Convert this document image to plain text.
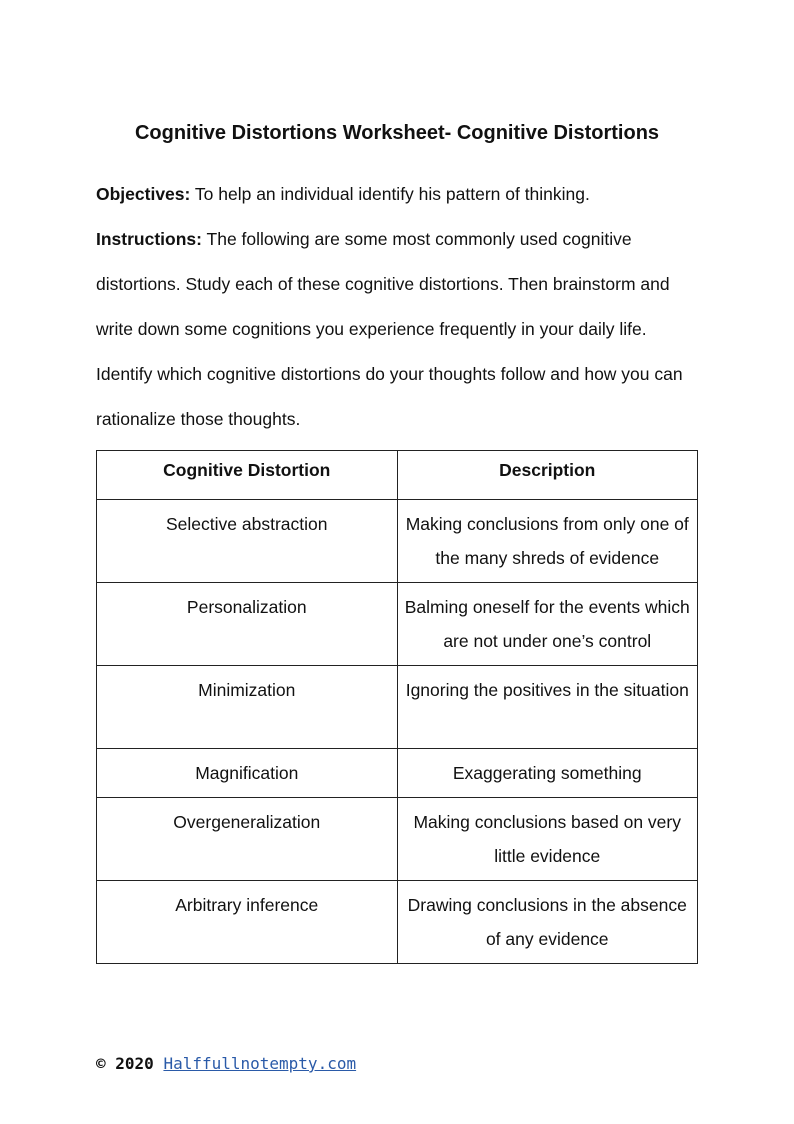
Cognitive Distortions Worksheet- Cognitive Distortions

Objectives: To help an individual identify his pattern of thinking.

Instructions: The following are some most commonly used cognitive distortions. Study each of these cognitive distortions. Then brainstorm and write down some cognitions you experience frequently in your daily life. Identify which cognitive distortions do your thoughts follow and how you can rationalize those thoughts.

Cognitive Distortion	Description
Selective abstraction	Making conclusions from only one of the many shreds of evidence
Personalization	Balming oneself for the events which are not under one’s control
Minimization	Ignoring the positives in the situation
Magnification	Exaggerating something
Overgeneralization	Making conclusions based on very little evidence
Arbitrary inference	Drawing conclusions in the absence of any evidence
© 2020 Halffullnotempty.com
